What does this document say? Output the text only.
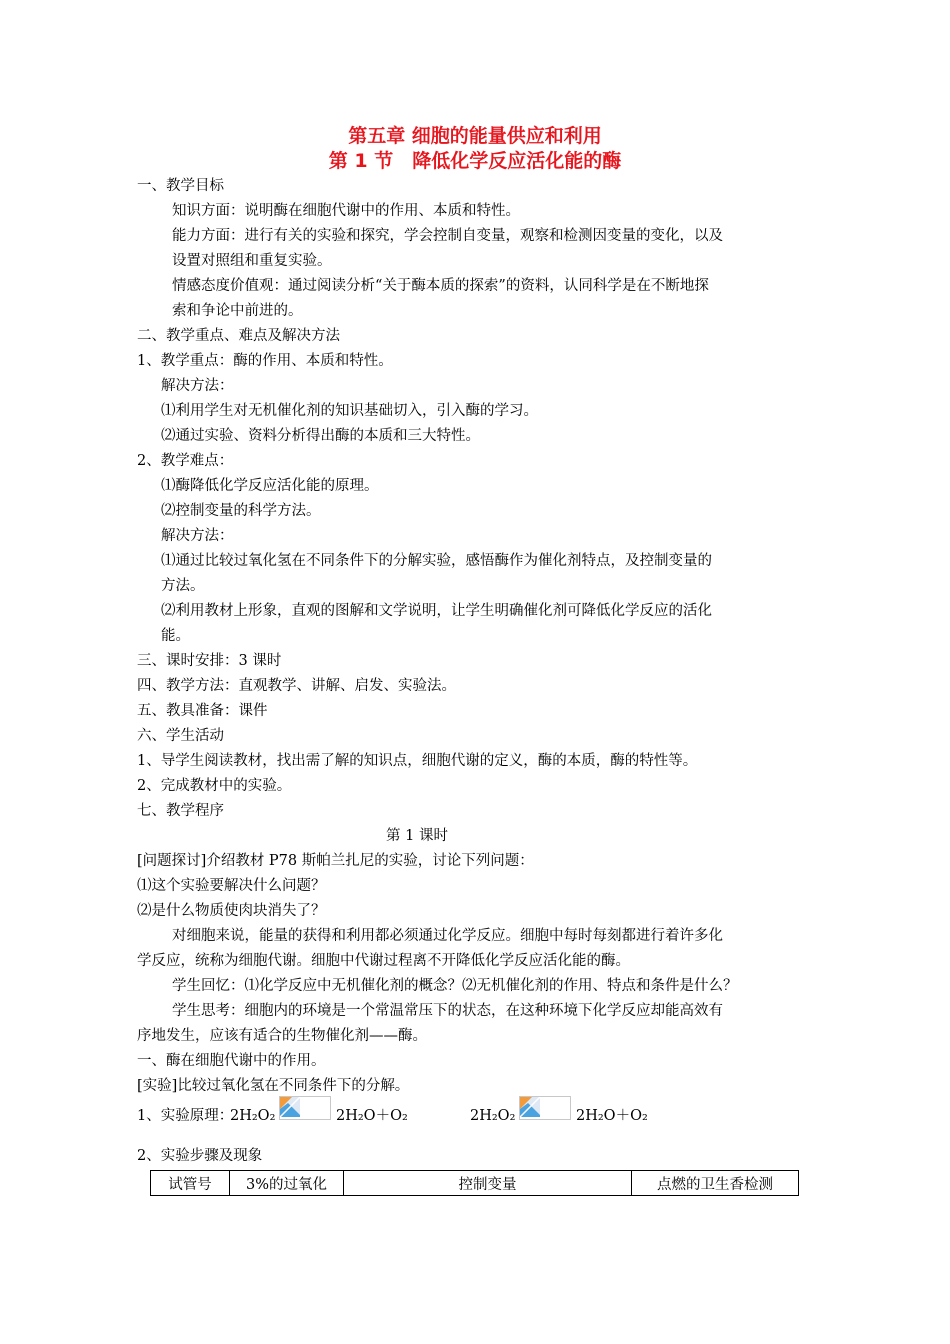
第五章 细胞的能量供应和利用
第 1 节　降低化学反应活化能的酶
一、教学目标
知识方面：说明酶在细胞代谢中的作用、本质和特性。
能力方面：进行有关的实验和探究，学会控制自变量，观察和检测因变量的变化，以及
设置对照组和重复实验。
情感态度价值观：通过阅读分析“关于酶本质的探索”的资料，认同科学是在不断地探
索和争论中前进的。
二、教学重点、难点及解决方法
1、教学重点：酶的作用、本质和特性。
解决方法：
⑴利用学生对无机催化剂的知识基础切入，引入酶的学习。
⑵通过实验、资料分析得出酶的本质和三大特性。
2、教学难点：
⑴酶降低化学反应活化能的原理。
⑵控制变量的科学方法。
解决方法：
⑴通过比较过氧化氢在不同条件下的分解实验，感悟酶作为催化剂特点，及控制变量的
方法。
⑵利用教材上形象，直观的图解和文学说明，让学生明确催化剂可降低化学反应的活化
能。
三、课时安排：3 课时
四、教学方法：直观教学、讲解、启发、实验法。
五、教具准备：课件
六、学生活动
1、导学生阅读教材，找出需了解的知识点，细胞代谢的定义，酶的本质，酶的特性等。
2、完成教材中的实验。
七、教学程序
第 1 课时
[问题探讨]介绍教材 P78 斯帕兰扎尼的实验，讨论下列问题：
⑴这个实验要解决什么问题？
⑵是什么物质使肉块消失了？
对细胞来说，能量的获得和利用都必须通过化学反应。细胞中每时每刻都进行着许多化
学反应，统称为细胞代谢。细胞中代谢过程离不开降低化学反应活化能的酶。
学生回忆：⑴化学反应中无机催化剂的概念？⑵无机催化剂的作用、特点和条件是什么？
学生思考：细胞内的环境是一个常温常压下的状态，在这种环境下化学反应却能高效有
序地发生，应该有适合的生物催化剂——酶。
一、酶在细胞代谢中的作用。
[实验]比较过氧化氢在不同条件下的分解。
1、实验原理：
2H₂O₂	2H₂O＋O₂	2H₂O₂	2H₂O＋O₂
2、实验步骤及现象
试管号	3%的过氧化	控制变量	点燃的卫生香检测
